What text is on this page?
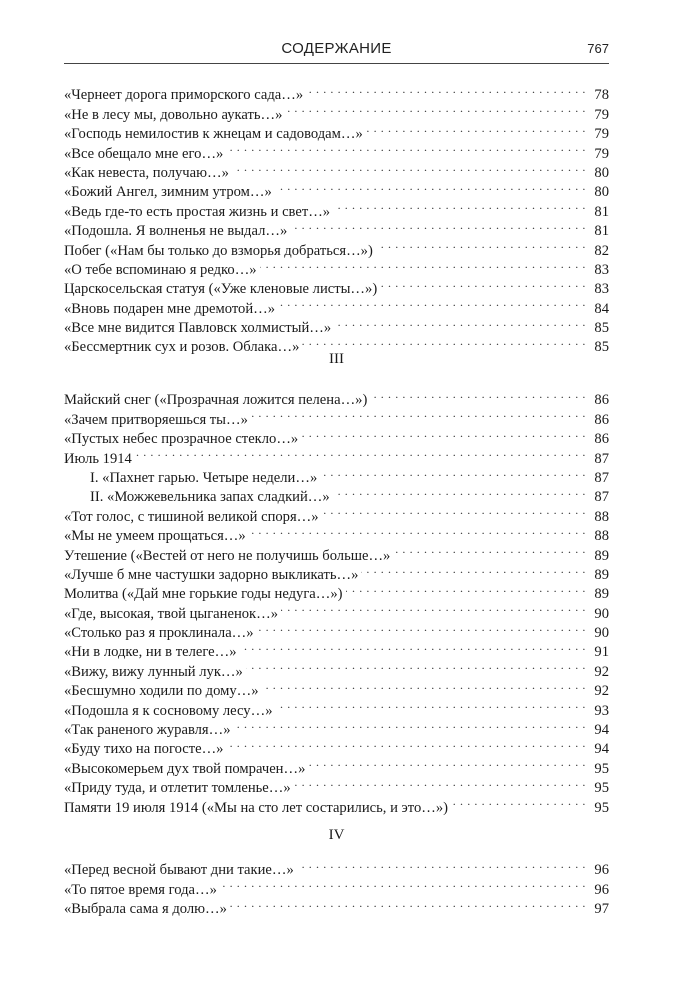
СОДЕРЖАНИЕ	767
«Чернеет дорога приморского сада…» . . .	78
«Не в лесу мы, довольно аукать…» . . .	79
«Господь немилостив к жнецам и садоводам…» . . .	79
«Все обещало мне его…» . . .	79
«Как невеста, получаю…» . . .	80
«Божий Ангел, зимним утром…» . . .	80
«Ведь где-то есть простая жизнь и свет…» . . .	81
«Подошла. Я волненья не выдал…» . . .	81
Побег («Нам бы только до взморья добраться…») . . .	82
«О тебе вспоминаю я редко…» . . .	83
Царскосельская статуя («Уже кленовые листы…») . . .	83
«Вновь подарен мне дремотой…» . . .	84
«Все мне видится Павловск холмистый…» . . .	85
«Бессмертник сух и розов. Облака…» . . .	85
III
Майский снег («Прозрачная ложится пелена…») . . .	86
«Зачем притворяешься ты…» . . .	86
«Пустых небес прозрачное стекло…» . . .	86
Июль 1914 . . .	87
I. «Пахнет гарью. Четыре недели…» . . .	87
II. «Можжевельника запах сладкий…» . . .	87
«Тот голос, с тишиной великой споря…» . . .	88
«Мы не умеем прощаться…» . . .	88
Утешение («Вестей от него не получишь больше…» . . .	89
«Лучше б мне частушки задорно выкликать…» . . .	89
Молитва («Дай мне горькие годы недуга…») . . .	89
«Где, высокая, твой цыганенок…» . . .	90
«Столько раз я проклинала…» . . .	90
«Ни в лодке, ни в телеге…» . . .	91
«Вижу, вижу лунный лук…» . . .	92
«Бесшумно ходили по дому…» . . .	92
«Подошла я к сосновому лесу…» . . .	93
«Так раненого журавля…» . . .	94
«Буду тихо на погосте…» . . .	94
«Высокомерьем дух твой помрачен…» . . .	95
«Приду туда, и отлетит томленье…» . . .	95
Памяти 19 июля 1914 («Мы на сто лет состарились, и это…») . . .	95
IV
«Перед весной бывают дни такие…» . . .	96
«То пятое время года…» . . .	96
«Выбрала сама я долю…» . . .	97
